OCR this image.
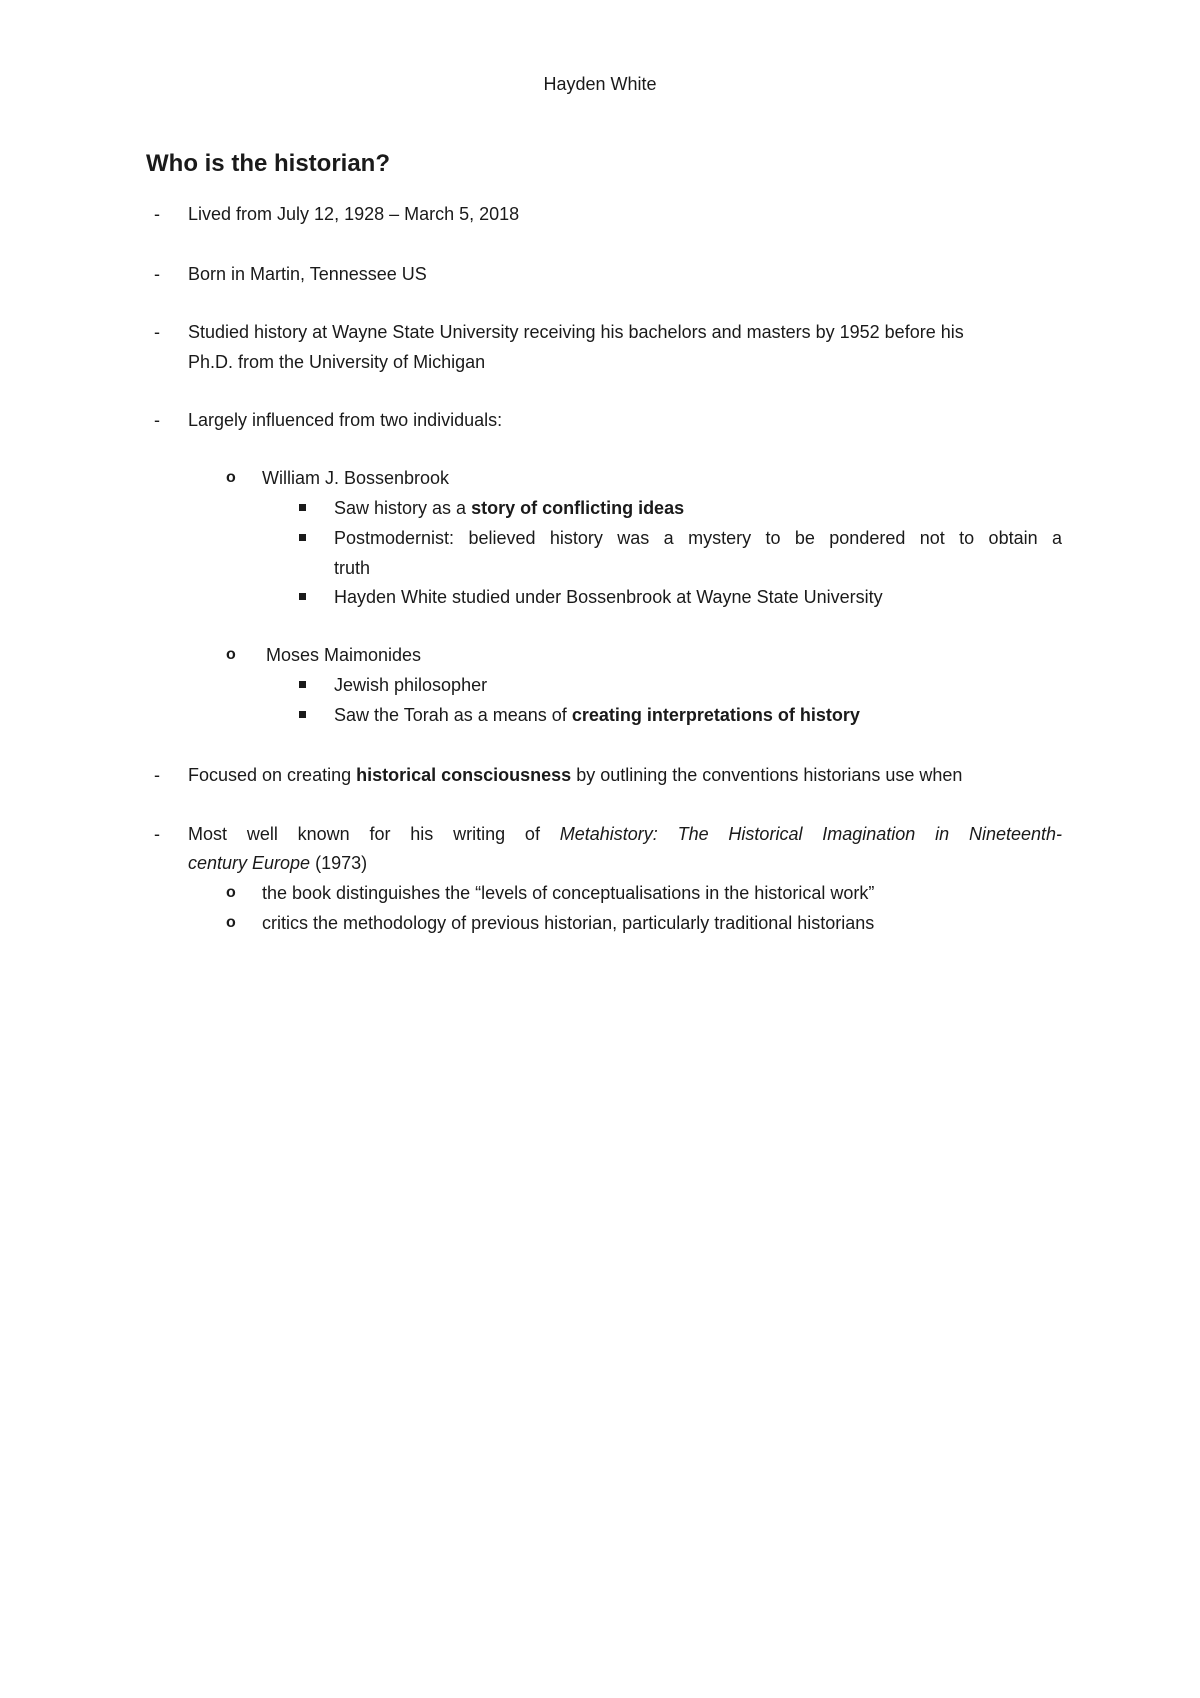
Hayden White
Who is the historian?
- Lived from July 12, 1928 – March 5, 2018
- Born in Martin, Tennessee US
- Studied history at Wayne State University receiving his bachelors and masters by 1952 before his
Ph.D. from the University of Michigan
- Largely influenced from two individuals:
o William J. Bossenbrook
Saw history as a story of conflicting ideas
Postmodernist: believed history was a mystery to be pondered not to obtain a
truth
Hayden White studied under Bossenbrook at Wayne State University
o Moses Maimonides
Jewish philosopher
Saw the Torah as a means of creating interpretations of history
- Focused on creating historical consciousness by outlining the conventions historians use when
- Most well known for his writing of Metahistory: The Historical Imagination in Nineteenth-
century Europe (1973)
o the book distinguishes the “levels of conceptualisations in the historical work”
o critics the methodology of previous historian, particularly traditional historians
